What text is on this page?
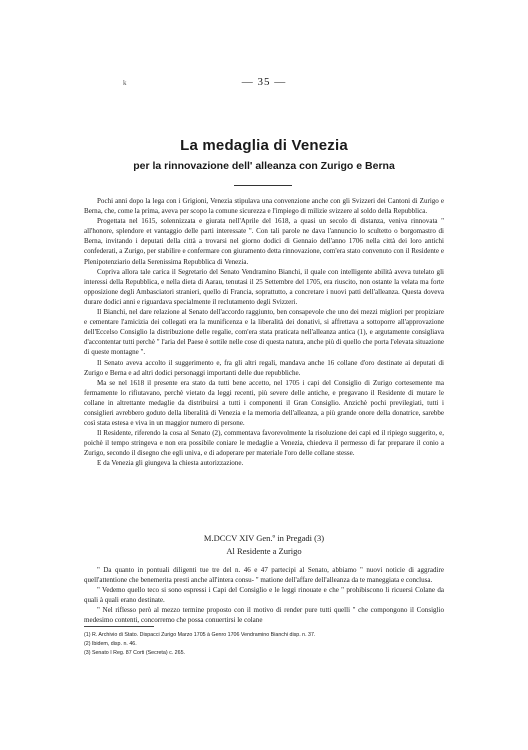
k	— 35 —
La medaglia di Venezia
per la rinnovazione dell' alleanza con Zurigo e Berna

Pochi anni dopo la lega con i Grigioni, Venezia stipulava una convenzione anche con gli Svizzeri dei Cantoni di Zurigo e Berna, che, come la prima, aveva per scopo la comune sicurezza e l'impiego di milizie svizzere al soldo della Repubblica.

Progettata nel 1615, solennizzata e giurata nell'Aprile del 1618, a quasi un secolo di distanza, veniva rinnovata " all'honore, splendore et vantaggio delle parti interessate ". Con tali parole ne dava l'annuncio lo scultetto o borgomastro di Berna, invitando i deputati della città a trovarsi nel giorno dodici di Gennaio dell'anno 1706 nella città dei loro antichi confederati, a Zurigo, per stabilire e confermare con giuramento detta rinnovazione, com'era stato convenuto con il Residente e Plenipotenziario della Serenissima Repubblica di Venezia.

Copriva allora tale carica il Segretario del Senato Vendramino Bianchi, il quale con intelligente abilità aveva tutelato gli interessi della Repubblica, e nella dieta di Aarau, tenutasi il 25 Settembre del 1705, era riuscito, non ostante la velata ma forte opposizione degli Ambasciatori stranieri, quello di Francia, soprattutto, a concretare i nuovi patti dell'alleanza. Questa doveva durare dodici anni e riguardava specialmente il reclutamento degli Svizzeri.

Il Bianchi, nel dare relazione al Senato dell'accordo raggiunto, ben consapevole che uno dei mezzi migliori per propiziare e cementare l'amicizia dei collegati era la munificenza e la liberalità dei donativi, si affrettava a sottoporre all'approvazione dell'Eccelso Consiglio la distribuzione delle regalie, com'era stata praticata nell'alleanza antica (1), e argutamente consigliava d'accontentar tutti perchè " l'aria del Paese è sottile nelle cose di questa natura, anche più di quello che porta l'elevata situazione di queste montagne ".

Il Senato aveva accolto il suggerimento e, fra gli altri regali, mandava anche 16 collane d'oro destinate ai deputati di Zurigo e Berna e ad altri dodici personaggi importanti delle due repubbliche.

Ma se nel 1618 il presente era stato da tutti bene accetto, nel 1705 i capi del Consiglio di Zurigo cortesemente ma fermamente lo rifiutavano, perchè vietato da leggi recenti, più severe delle antiche, e pregavano il Residente di mutare le collane in altrettante medaglie da distribuirsi a tutti i componenti il Gran Consiglio. Anzichè pochi previlegiati, tutti i consiglieri avrebbero goduto della liberalità di Venezia e la memoria dell'alleanza, a più grande onore della donatrice, sarebbe così stata estesa e viva in un maggior numero di persone.

Il Residente, riferendo la cosa al Senato (2), commentava favorevolmente la risoluzione dei capi ed il ripiego suggerito, e, poichè il tempo stringeva e non era possibile coniare le medaglie a Venezia, chiedeva il permesso di far preparare il conio a Zurigo, secondo il disegno che egli univa, e di adoperare per materiale l'oro delle collane stesse.

E da Venezia gli giungeva la chiesta autorizzazione.

M.DCCV XIV Gen.º in Pregadi (3)
Al Residente a Zurigo

" Da quanto in pontuali diligenti tue tre del n. 46 e 47 partecipi al Senato, abbiamo " nuovi noticie di aggradire quell'attentione che benemerita presti anche all'intera consu- " matione dell'affare dell'alleanza da te maneggiata e conclusa.

" Vedemo quello teco si sono espressi i Capi del Consiglio e le leggi rinouate e che " prohibiscono li ricuersi Colane da quali à quali erano destinate.

" Nel riflesso però al mezzo termine proposto con il motivo di render pure tutti quelli " che compongono il Consiglio medesimo contenti, concorremo che possa conuertirsi le colane

(1) R. Archivio di Stato. Dispacci Zurigo Marzo 1705 à Genro 1706 Vendramino Bianchi disp. n. 37.
(2) Ibidem, disp. n. 46.
(3) Senato I Reg. 87 Corti (Secreta) c. 265.
